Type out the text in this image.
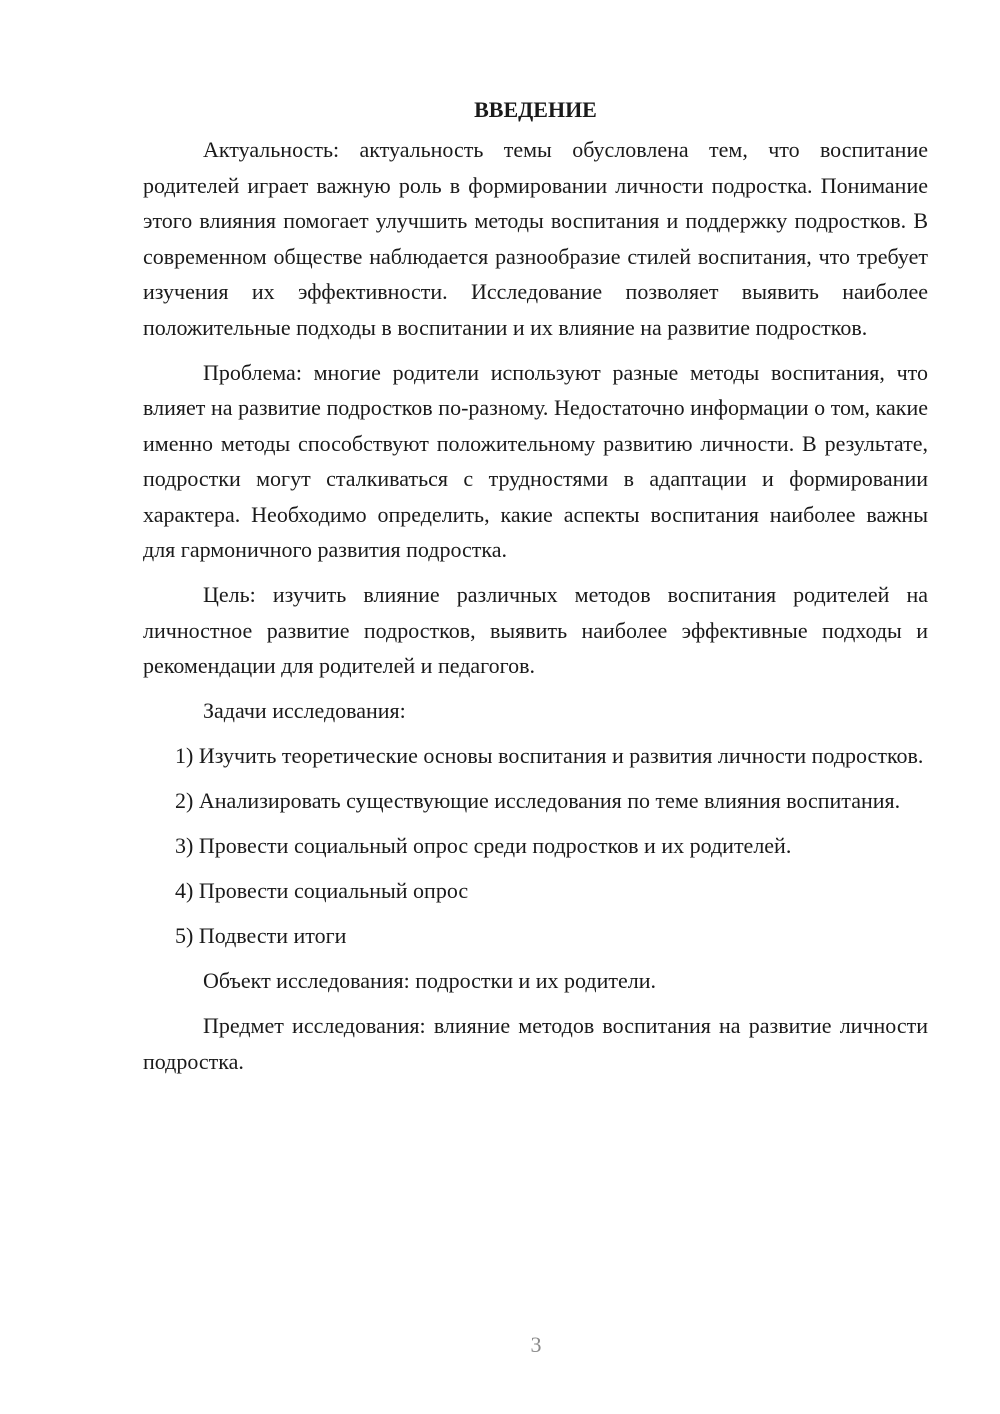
ВВЕДЕНИЕ

Актуальность: актуальность темы обусловлена тем, что воспитание родителей играет важную роль в формировании личности подростка. Понимание этого влияния помогает улучшить методы воспитания и поддержку подростков. В современном обществе наблюдается разнообразие стилей воспитания, что требует изучения их эффективности. Исследование позволяет выявить наиболее положительные подходы в воспитании и их влияние на развитие подростков.

Проблема: многие родители используют разные методы воспитания, что влияет на развитие подростков по-разному. Недостаточно информации о том, какие именно методы способствуют положительному развитию личности. В результате, подростки могут сталкиваться с трудностями в адаптации и формировании характера. Необходимо определить, какие аспекты воспитания наиболее важны для гармоничного развития подростка.

Цель: изучить влияние различных методов воспитания родителей на личностное развитие подростков, выявить наиболее эффективные подходы и рекомендации для родителей и педагогов.

Задачи исследования:

1) Изучить теоретические основы воспитания и развития личности подростков.

2) Анализировать существующие исследования по теме влияния воспитания.

3) Провести социальный опрос среди подростков и их родителей.

4) Провести социальный опрос

5) Подвести итоги

Объект исследования: подростки и их родители.

Предмет исследования: влияние методов воспитания на развитие личности подростка.

3
